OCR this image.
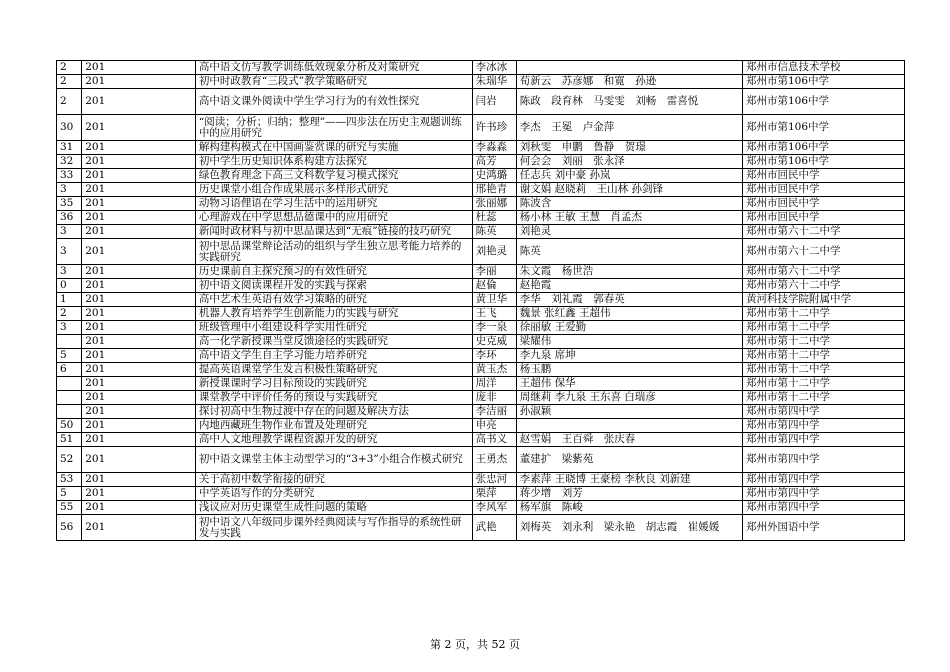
2	201	高中语文仿写教学训练低效现象分析及对策研究	李冰冰		郑州市信息技术学校
2	201	初中时政教育“三段式”教学策略研究	朱瑞华	荀新云　苏彦娜　和寛　孙逊	郑州市第106中学
2	201	高中语文课外阅读中学生学习行为的有效性探究	闫岩	陈政　段育林　马雯雯　刘畅　雷喜悦	郑州市第106中学
30	201	“阅读；分析；归纳；整理”——四步法在历史主观题训练中的应用研究	许书珍	李杰　王冕　卢金萍	郑州市第106中学
31	201	解构建构模式在中国画鉴赏课的研究与实施	李淼淼	刘秋雯　申鹏　鲁静　贺璟	郑州市第106中学
32	201	初中学生历史知识体系构建方法探究	高芳	何会会　刘丽　张永泽	郑州市第106中学
33	201	绿色教育理念下高三文科数学复习模式探究	史鸿璐	任志兵 刘中豪 孙岚	郑州市回民中学
3	201	历史课堂小组合作成果展示多样形式研究	邢艳青	谢文娟 赵晓莉　王山林 孙剑锋	郑州市回民中学
35	201	动物习语俚语在学习生活中的运用研究	张丽娜	陈波含	郑州市回民中学
36	201	心理游戏在中学思想品德课中的应用研究	杜蕊	杨小林 王敏 王慧　肖孟杰	郑州市回民中学
3	201	新闻时政材料与初中思品课达到“无痕”链接的技巧研究	陈英	刘艳灵	郑州市第六十二中学
3	201	初中思品课堂辩论活动的组织与学生独立思考能力培养的实践研究	刘艳灵	陈英	郑州市第六十二中学
3	201	历史课前自主探究预习的有效性研究	李丽	朱文霞　杨世浩	郑州市第六十二中学
0	201	初中语文阅读课程开发的实践与探索	赵倫	赵艳霞	郑州市第六十二中学
1	201	高中艺术生英语有效学习策略的研究	黄卫华	李华　刘礼霞　郭春英	黄河科技学院附属中学
2	201	机器人教育培养学生创新能力的实践与研究	王飞	魏景 张红鑫 王超伟	郑州市第十二中学
3	201	班级管理中小组建设科学实用性研究	李一泉	徐丽敏 王爱勤	郑州市第十二中学
	201	高一化学新授课当堂反馈途径的实践研究	史克威	梁耀伟	郑州市第十二中学
5	201	高中语文学生自主学习能力培养研究	李环	李九泉 席坤	郑州市第十二中学
6	201	提高英语课堂学生发言积极性策略研究	黄玉杰	杨玉鹏	郑州市第十二中学
	201	新授课课时学习目标预设的实践研究	周洋	王超伟 保华	郑州市第十二中学
	201	课堂教学中评价任务的预设与实践研究	庞非	周继莉 李九泉 王东喜 白瑞彦	郑州市第十二中学
	201	探讨初高中生物过渡中存在的问题及解决方法	李洁丽	孙淑颖	郑州市第四中学
50	201	内地西藏班生物作业布置及处理研究	申亮		郑州市第四中学
51	201	高中人文地理教学课程资源开发的研究	高书义	赵雪娟　王百舜　张庆春	郑州市第四中学
52	201	初中语文课堂主体主动型学习的“3+3”小组合作模式研究	王勇杰	董建扩　梁紫苑	郑州市第四中学
53	201	关于高初中数学衔接的研究	张忠河	李素萍 王晓博 王豪榜 李秋良 刘新建	郑州市第四中学
5	201	中学英语写作的分类研究	栗萍	蒋少增　刘芳	郑州市第四中学
55	201	浅议应对历史课堂生成性问题的策略	李风军	杨军旗　陈峻	郑州市第四中学
56	201	初中语文八年级同步课外经典阅读与写作指导的系统性研发与实践	武艳	刘梅英　刘永利　梁永艳　胡志霞　崔媛媛	郑州外国语中学
第 2 页，共 52 页
